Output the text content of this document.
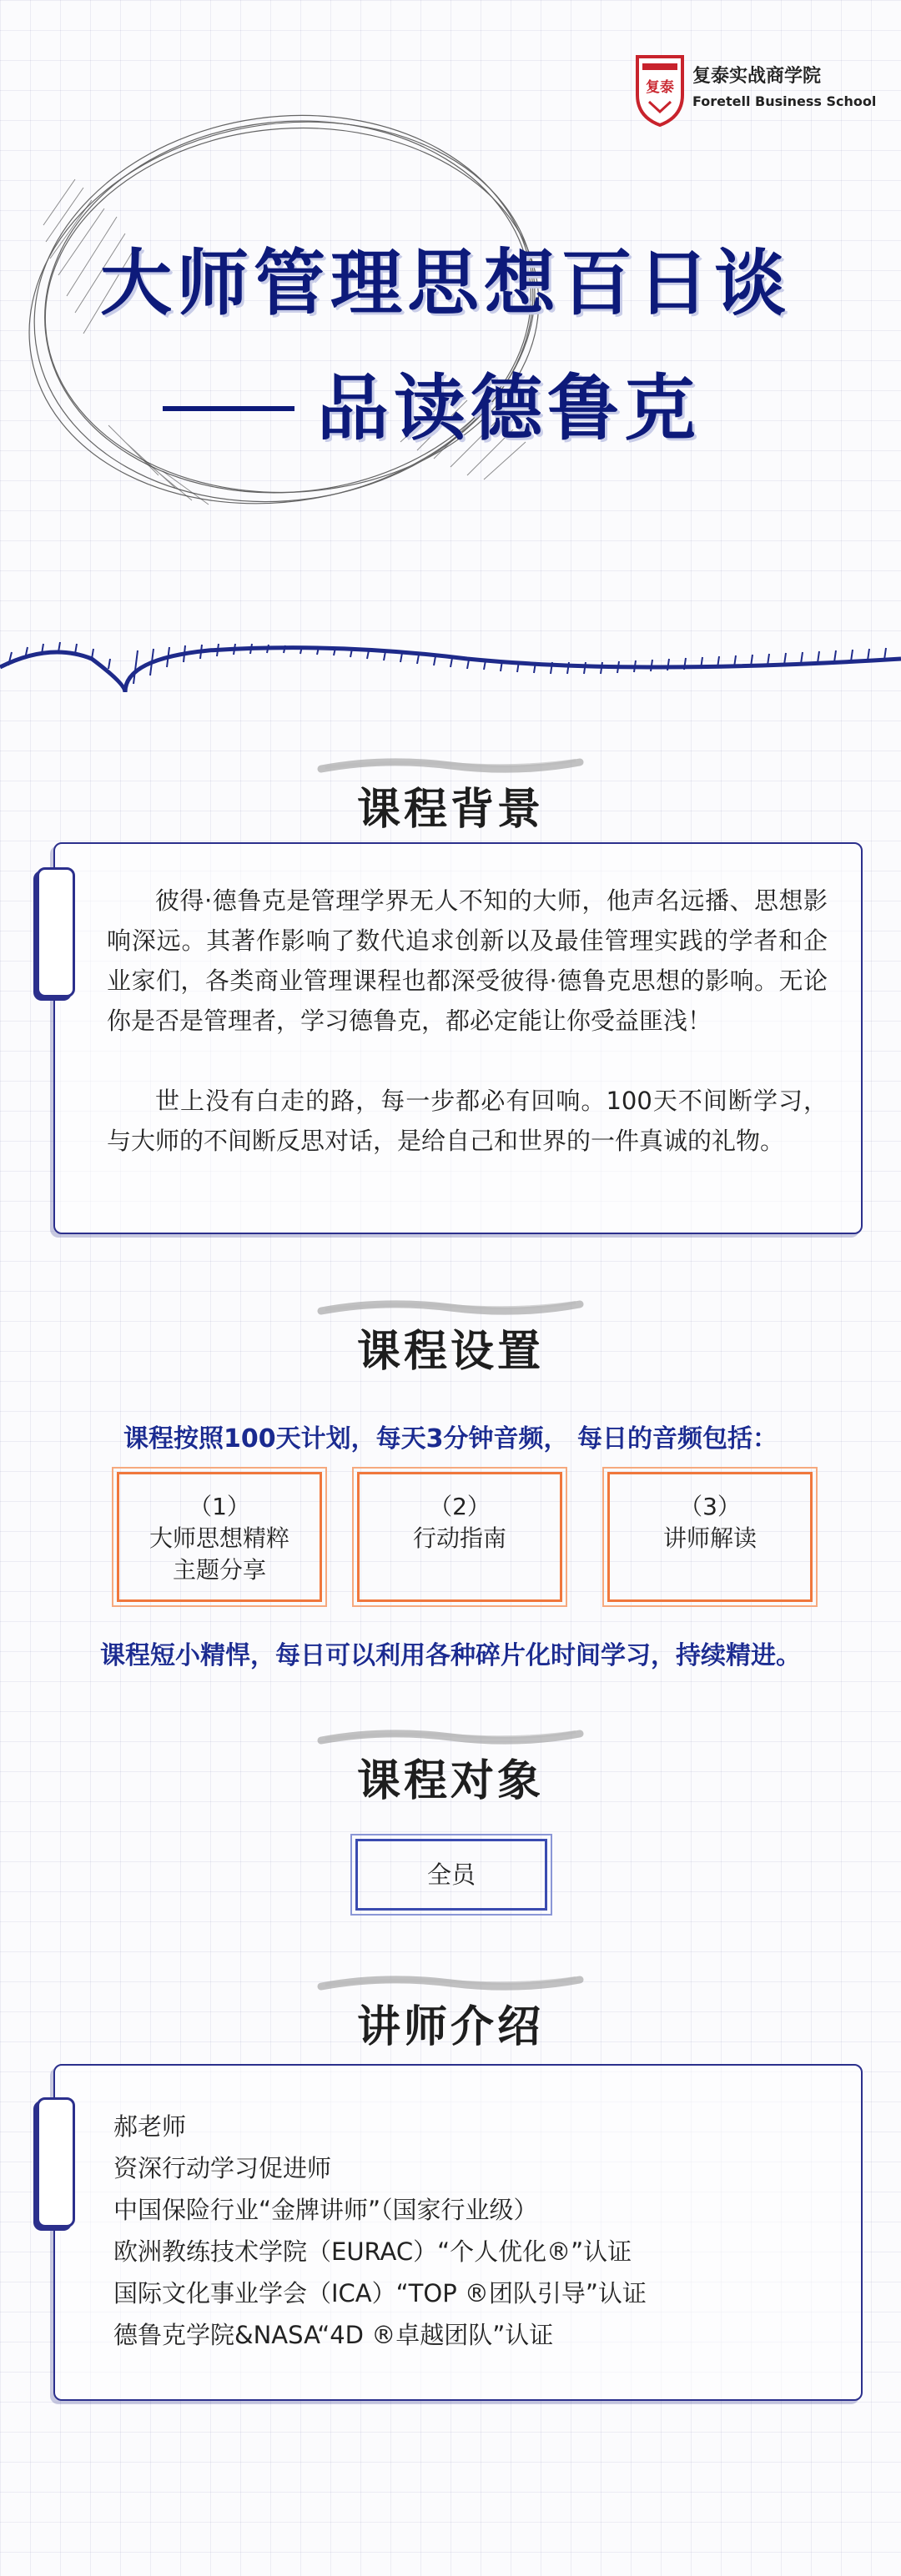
复泰
复泰实战商学院
Foretell Business School
大师管理思想百日谈
品读德鲁克
课程背景
彼得·德鲁克是管理学界无人不知的大师，他声名远播、思想影响深远。其著作影响了数代追求创新以及最佳管理实践的学者和企业家们，各类商业管理课程也都深受彼得·德鲁克思想的影响。无论你是否是管理者，学习德鲁克，都必定能让你受益匪浅！
世上没有白走的路，每一步都必有回响。100天不间断学习，与大师的不间断反思对话，是给自己和世界的一件真诚的礼物。
课程设置
课程按照100天计划，每天3分钟音频， 每日的音频包括：
（1）
大师思想精粹
主题分享
（2）
行动指南
（3）
讲师解读
课程短小精悍，每日可以利用各种碎片化时间学习，持续精进。
课程对象
全员
讲师介绍
郝老师
资深行动学习促进师
中国保险行业“金牌讲师”（国家行业级）
欧洲教练技术学院（EURAC）“个人优化®”认证
国际文化事业学会（ICA）“TOP ®团队引导”认证
德鲁克学院&NASA“4D ®卓越团队”认证
